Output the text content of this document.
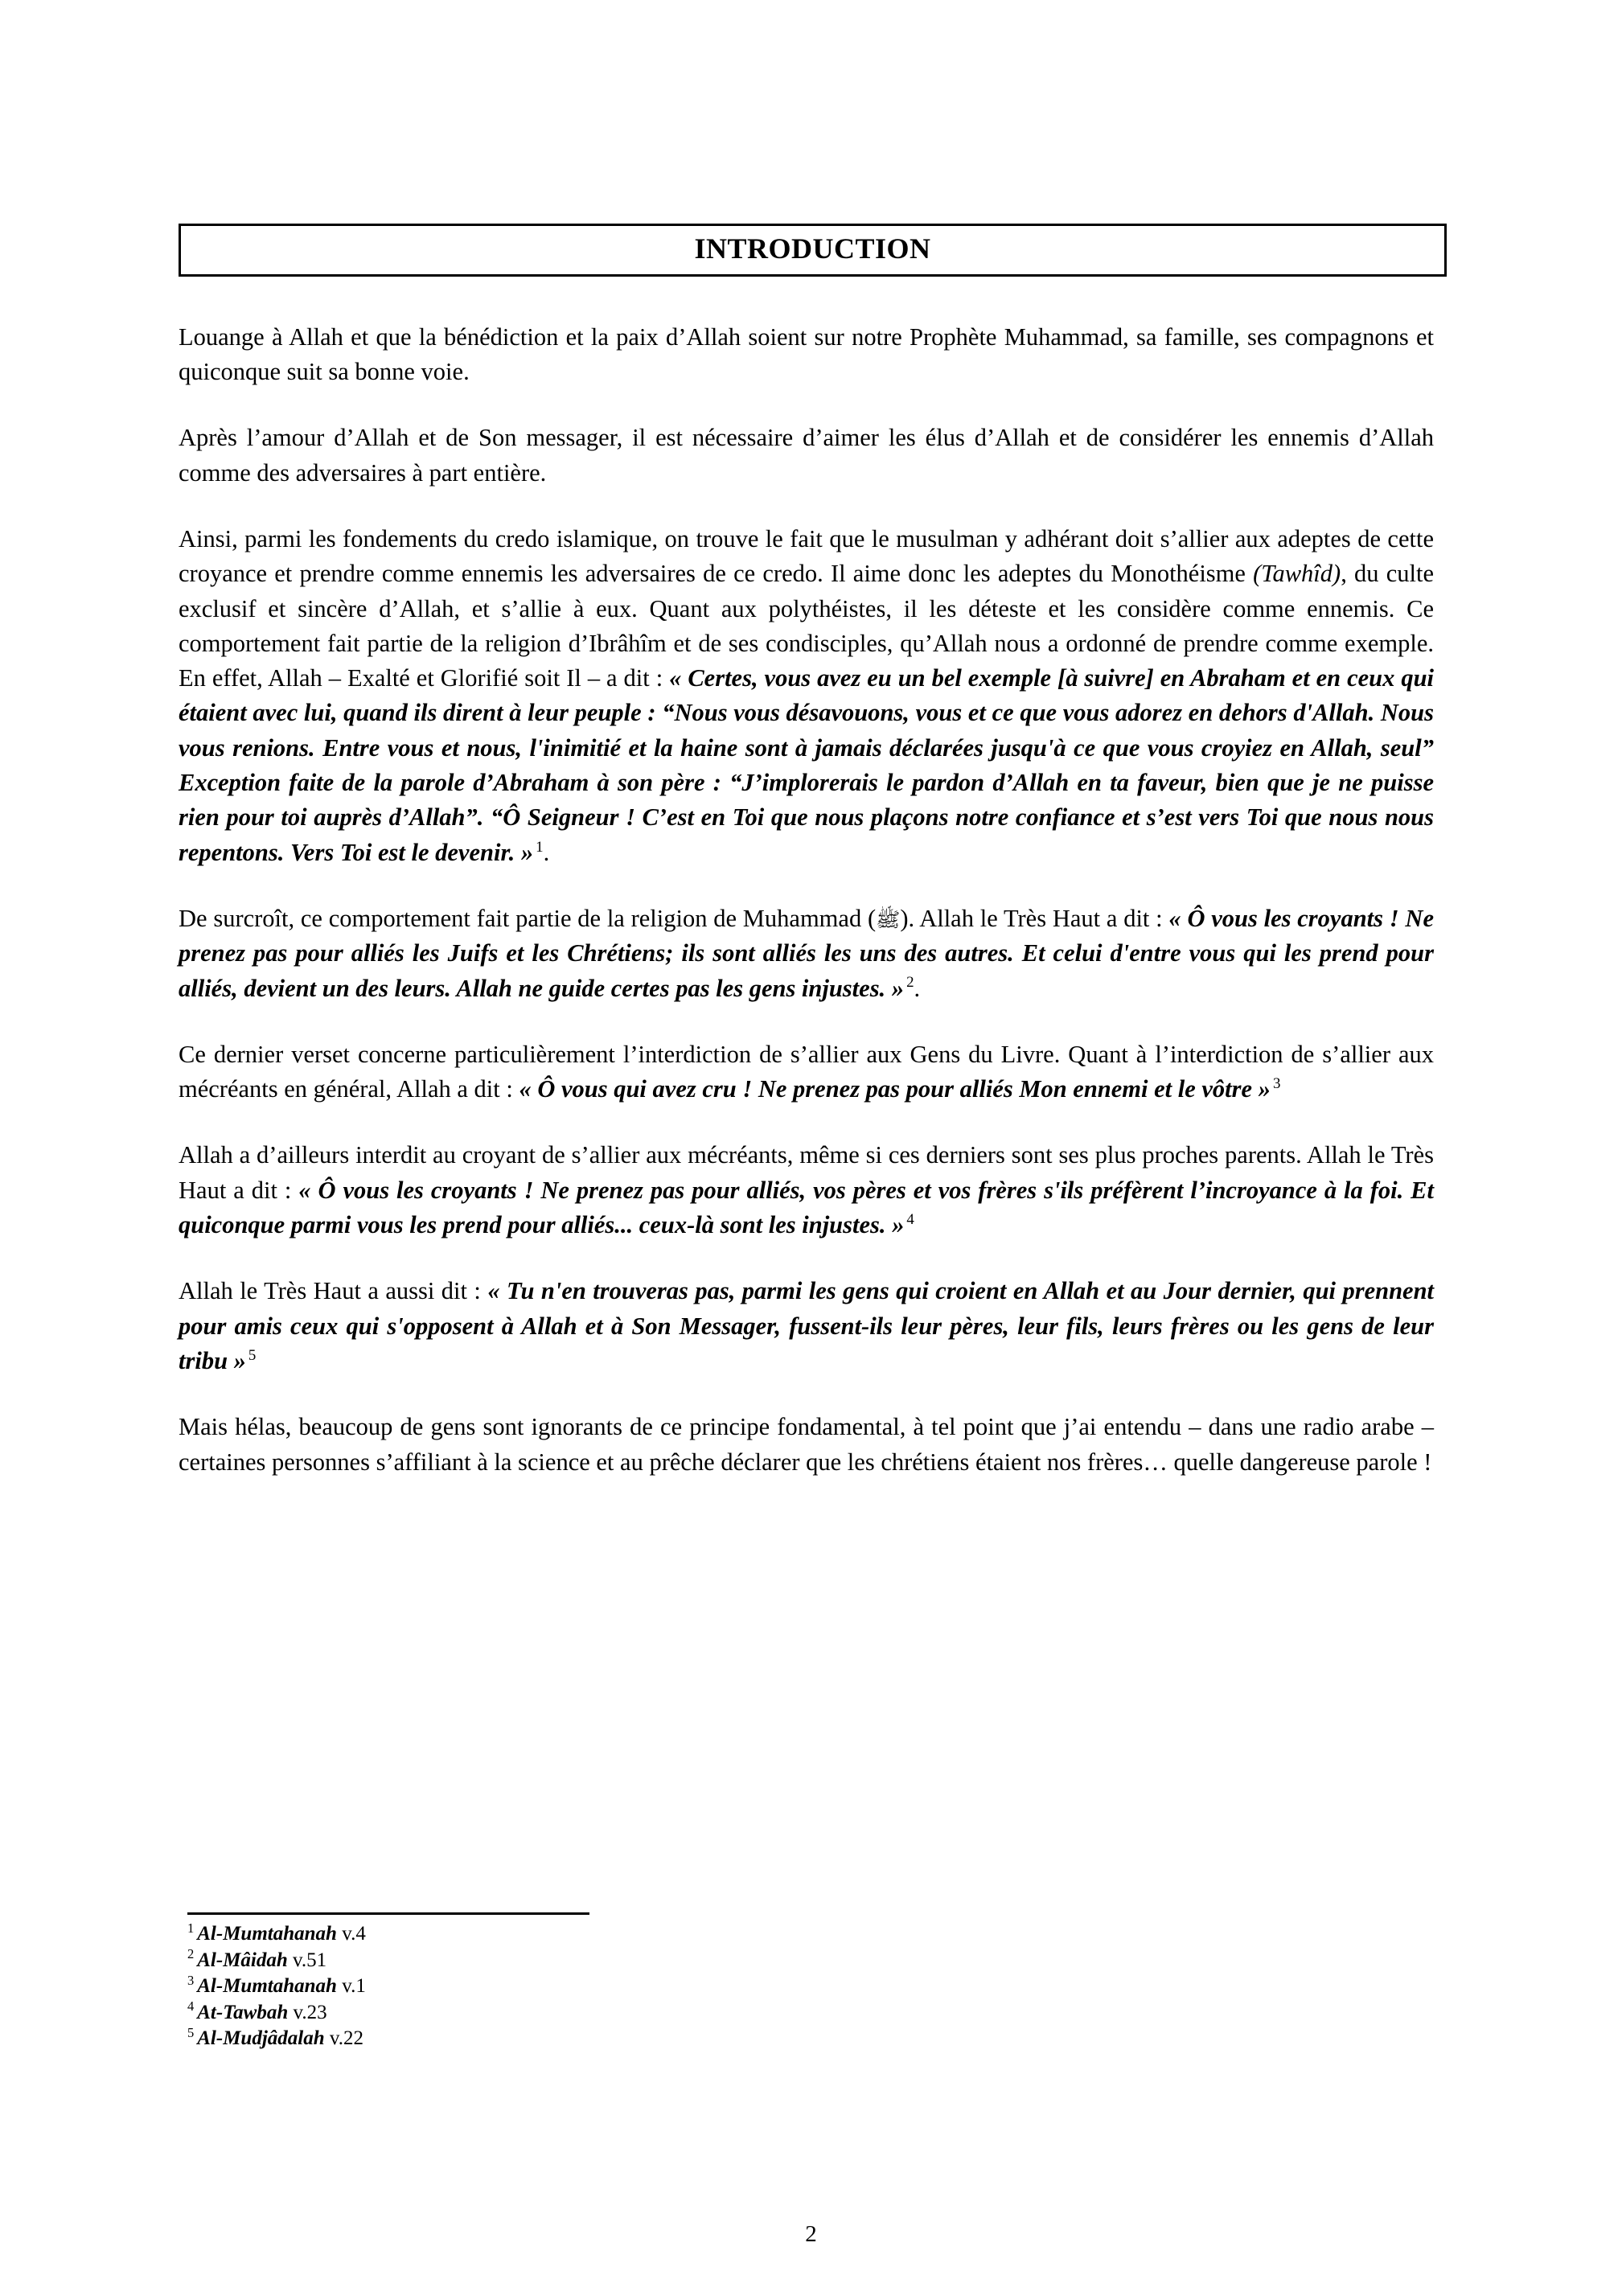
INTRODUCTION

Louange à Allah et que la bénédiction et la paix d’Allah soient sur notre Prophète Muhammad, sa famille, ses compagnons et quiconque suit sa bonne voie.

Après l’amour d’Allah et de Son messager, il est nécessaire d’aimer les élus d’Allah et de considérer les ennemis d’Allah comme des adversaires à part entière.

Ainsi, parmi les fondements du credo islamique, on trouve le fait que le musulman y adhérant doit s’allier aux adeptes de cette croyance et prendre comme ennemis les adversaires de ce credo. Il aime donc les adeptes du Monothéisme (Tawhîd), du culte exclusif et sincère d’Allah, et s’allie à eux. Quant aux polythéistes, il les déteste et les considère comme ennemis. Ce comportement fait partie de la religion d’Ibrâhîm et de ses condisciples, qu’Allah nous a ordonné de prendre comme exemple. En effet, Allah – Exalté et Glorifié soit Il – a dit : « Certes, vous avez eu un bel exemple [à suivre] en Abraham et en ceux qui étaient avec lui, quand ils dirent à leur peuple : “Nous vous désavouons, vous et ce que vous adorez en dehors d'Allah. Nous vous renions. Entre vous et nous, l'inimitié et la haine sont à jamais déclarées jusqu'à ce que vous croyiez en Allah, seul” Exception faite de la parole d’Abraham à son père : “J’implorerais le pardon d’Allah en ta faveur, bien que je ne puisse rien pour toi auprès d’Allah”. “Ô Seigneur ! C’est en Toi que nous plaçons notre confiance et s’est vers Toi que nous nous repentons. Vers Toi est le devenir. » $^1$.

De surcroît, ce comportement fait partie de la religion de Muhammad (ﷺ). Allah le Très Haut a dit : « Ô vous les croyants ! Ne prenez pas pour alliés les Juifs et les Chrétiens; ils sont alliés les uns des autres. Et celui d'entre vous qui les prend pour alliés, devient un des leurs. Allah ne guide certes pas les gens injustes. » $^2$.

Ce dernier verset concerne particulièrement l’interdiction de s’allier aux Gens du Livre. Quant à l’interdiction de s’allier aux mécréants en général, Allah a dit : « Ô vous qui avez cru ! Ne prenez pas pour alliés Mon ennemi et le vôtre » $^3$

Allah a d’ailleurs interdit au croyant de s’allier aux mécréants, même si ces derniers sont ses plus proches parents. Allah le Très Haut a dit : « Ô vous les croyants ! Ne prenez pas pour alliés, vos pères et vos frères s'ils préfèrent l’incroyance à la foi. Et quiconque parmi vous les prend pour alliés... ceux-là sont les injustes. » $^4$

Allah le Très Haut a aussi dit : « Tu n'en trouveras pas, parmi les gens qui croient en Allah et au Jour dernier, qui prennent pour amis ceux qui s'opposent à Allah et à Son Messager, fussent-ils leur pères, leur fils, leurs frères ou les gens de leur tribu » $^5$

Mais hélas, beaucoup de gens sont ignorants de ce principe fondamental, à tel point que j’ai entendu – dans une radio arabe – certaines personnes s’affiliant à la science et au prêche déclarer que les chrétiens étaient nos frères… quelle dangereuse parole !

$^1$ Al-Mumtahanah v.4
$^2$ Al-Mâidah v.51
$^3$ Al-Mumtahanah v.1
$^4$ At-Tawbah v.23
$^5$ Al-Mudjâdalah v.22
2
